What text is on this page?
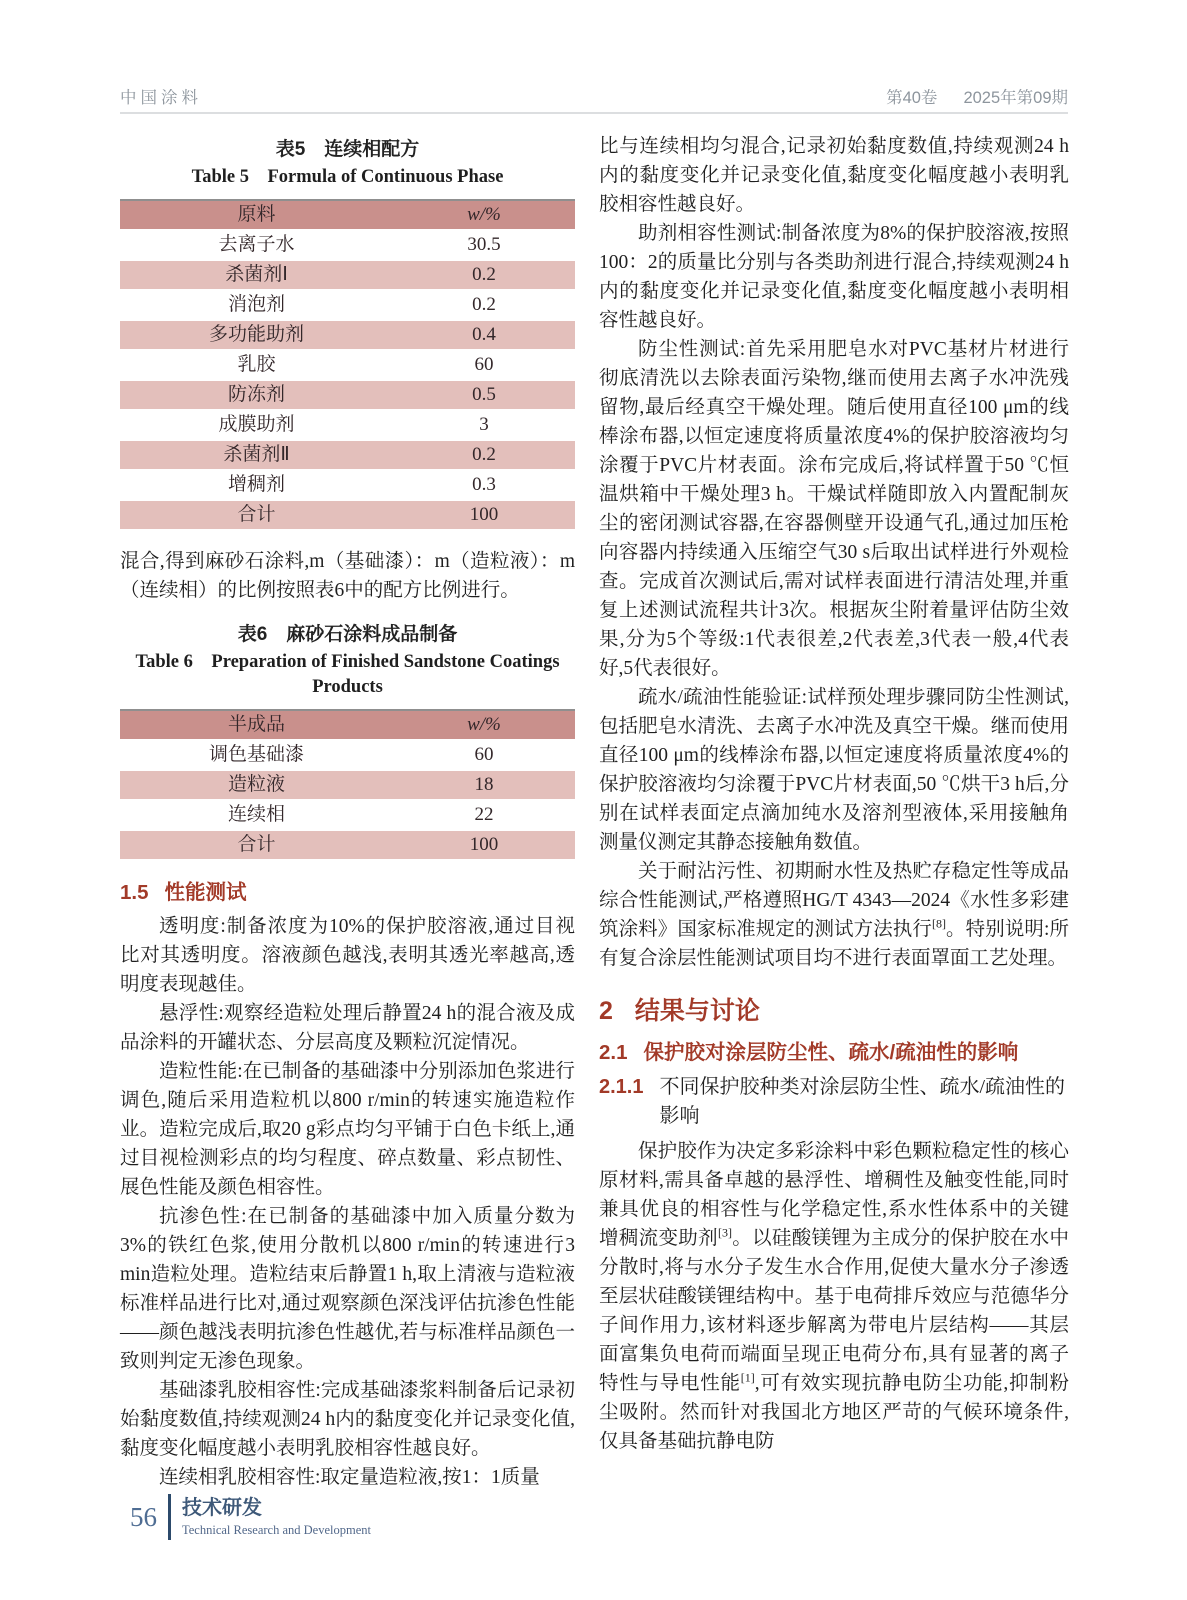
中国涂料	第40卷 2025年第09期
表5　连续相配方
Table 5　Formula of Continuous Phase
原料	w/%
去离子水	30.5
杀菌剂Ⅰ	0.2
消泡剂	0.2
多功能助剂	0.4
乳胶	60
防冻剂	0.5
成膜助剂	3
杀菌剂Ⅱ	0.2
增稠剂	0.3
合计	100

混合,得到麻砂石涂料,m（基础漆）：m（造粒液）：m（连续相）的比例按照表6中的配方比例进行。

表6　麻砂石涂料成品制备
Table 6　Preparation of Finished Sandstone Coatings Products
半成品	w/%
调色基础漆	60
造粒液	18
连续相	22
合计	100
1.5 性能测试

透明度:制备浓度为10%的保护胶溶液,通过目视比对其透明度。溶液颜色越浅,表明其透光率越高,透明度表现越佳。

悬浮性:观察经造粒处理后静置24 h的混合液及成品涂料的开罐状态、分层高度及颗粒沉淀情况。

造粒性能:在已制备的基础漆中分别添加色浆进行调色,随后采用造粒机以800 r/min的转速实施造粒作业。造粒完成后,取20 g彩点均匀平铺于白色卡纸上,通过目视检测彩点的均匀程度、碎点数量、彩点韧性、展色性能及颜色相容性。

抗渗色性:在已制备的基础漆中加入质量分数为3%的铁红色浆,使用分散机以800 r/min的转速进行3 min造粒处理。造粒结束后静置1 h,取上清液与造粒液标准样品进行比对,通过观察颜色深浅评估抗渗色性能——颜色越浅表明抗渗色性越优,若与标准样品颜色一致则判定无渗色现象。

基础漆乳胶相容性:完成基础漆浆料制备后记录初始黏度数值,持续观测24 h内的黏度变化并记录变化值,黏度变化幅度越小表明乳胶相容性越良好。

连续相乳胶相容性:取定量造粒液,按1：1质量

比与连续相均匀混合,记录初始黏度数值,持续观测24 h内的黏度变化并记录变化值,黏度变化幅度越小表明乳胶相容性越良好。

助剂相容性测试:制备浓度为8%的保护胶溶液,按照100：2的质量比分别与各类助剂进行混合,持续观测24 h内的黏度变化并记录变化值,黏度变化幅度越小表明相容性越良好。

防尘性测试:首先采用肥皂水对PVC基材片材进行彻底清洗以去除表面污染物,继而使用去离子水冲洗残留物,最后经真空干燥处理。随后使用直径100 μm的线棒涂布器,以恒定速度将质量浓度4%的保护胶溶液均匀涂覆于PVC片材表面。涂布完成后,将试样置于50 ℃恒温烘箱中干燥处理3 h。干燥试样随即放入内置配制灰尘的密闭测试容器,在容器侧壁开设通气孔,通过加压枪向容器内持续通入压缩空气30 s后取出试样进行外观检查。完成首次测试后,需对试样表面进行清洁处理,并重复上述测试流程共计3次。根据灰尘附着量评估防尘效果,分为5个等级:1代表很差,2代表差,3代表一般,4代表好,5代表很好。

疏水/疏油性能验证:试样预处理步骤同防尘性测试,包括肥皂水清洗、去离子水冲洗及真空干燥。继而使用直径100 μm的线棒涂布器,以恒定速度将质量浓度4%的保护胶溶液均匀涂覆于PVC片材表面,50 ℃烘干3 h后,分别在试样表面定点滴加纯水及溶剂型液体,采用接触角测量仪测定其静态接触角数值。

关于耐沾污性、初期耐水性及热贮存稳定性等成品综合性能测试,严格遵照HG/T 4343—2024《水性多彩建筑涂料》国家标准规定的测试方法执行[8]。特别说明:所有复合涂层性能测试项目均不进行表面罩面工艺处理。

2 结果与讨论
2.1 保护胶对涂层防尘性、疏水/疏油性的影响
2.1.1 不同保护胶种类对涂层防尘性、疏水/疏油性的影响

保护胶作为决定多彩涂料中彩色颗粒稳定性的核心原材料,需具备卓越的悬浮性、增稠性及触变性能,同时兼具优良的相容性与化学稳定性,系水性体系中的关键增稠流变助剂[3]。以硅酸镁锂为主成分的保护胶在水中分散时,将与水分子发生水合作用,促使大量水分子渗透至层状硅酸镁锂结构中。基于电荷排斥效应与范德华分子间作用力,该材料逐步解离为带电片层结构——其层面富集负电荷而端面呈现正电荷分布,具有显著的离子特性与导电性能[1],可有效实现抗静电防尘功能,抑制粉尘吸附。然而针对我国北方地区严苛的气候环境条件,仅具备基础抗静电防

56 技术研发
Technical Research and Development
